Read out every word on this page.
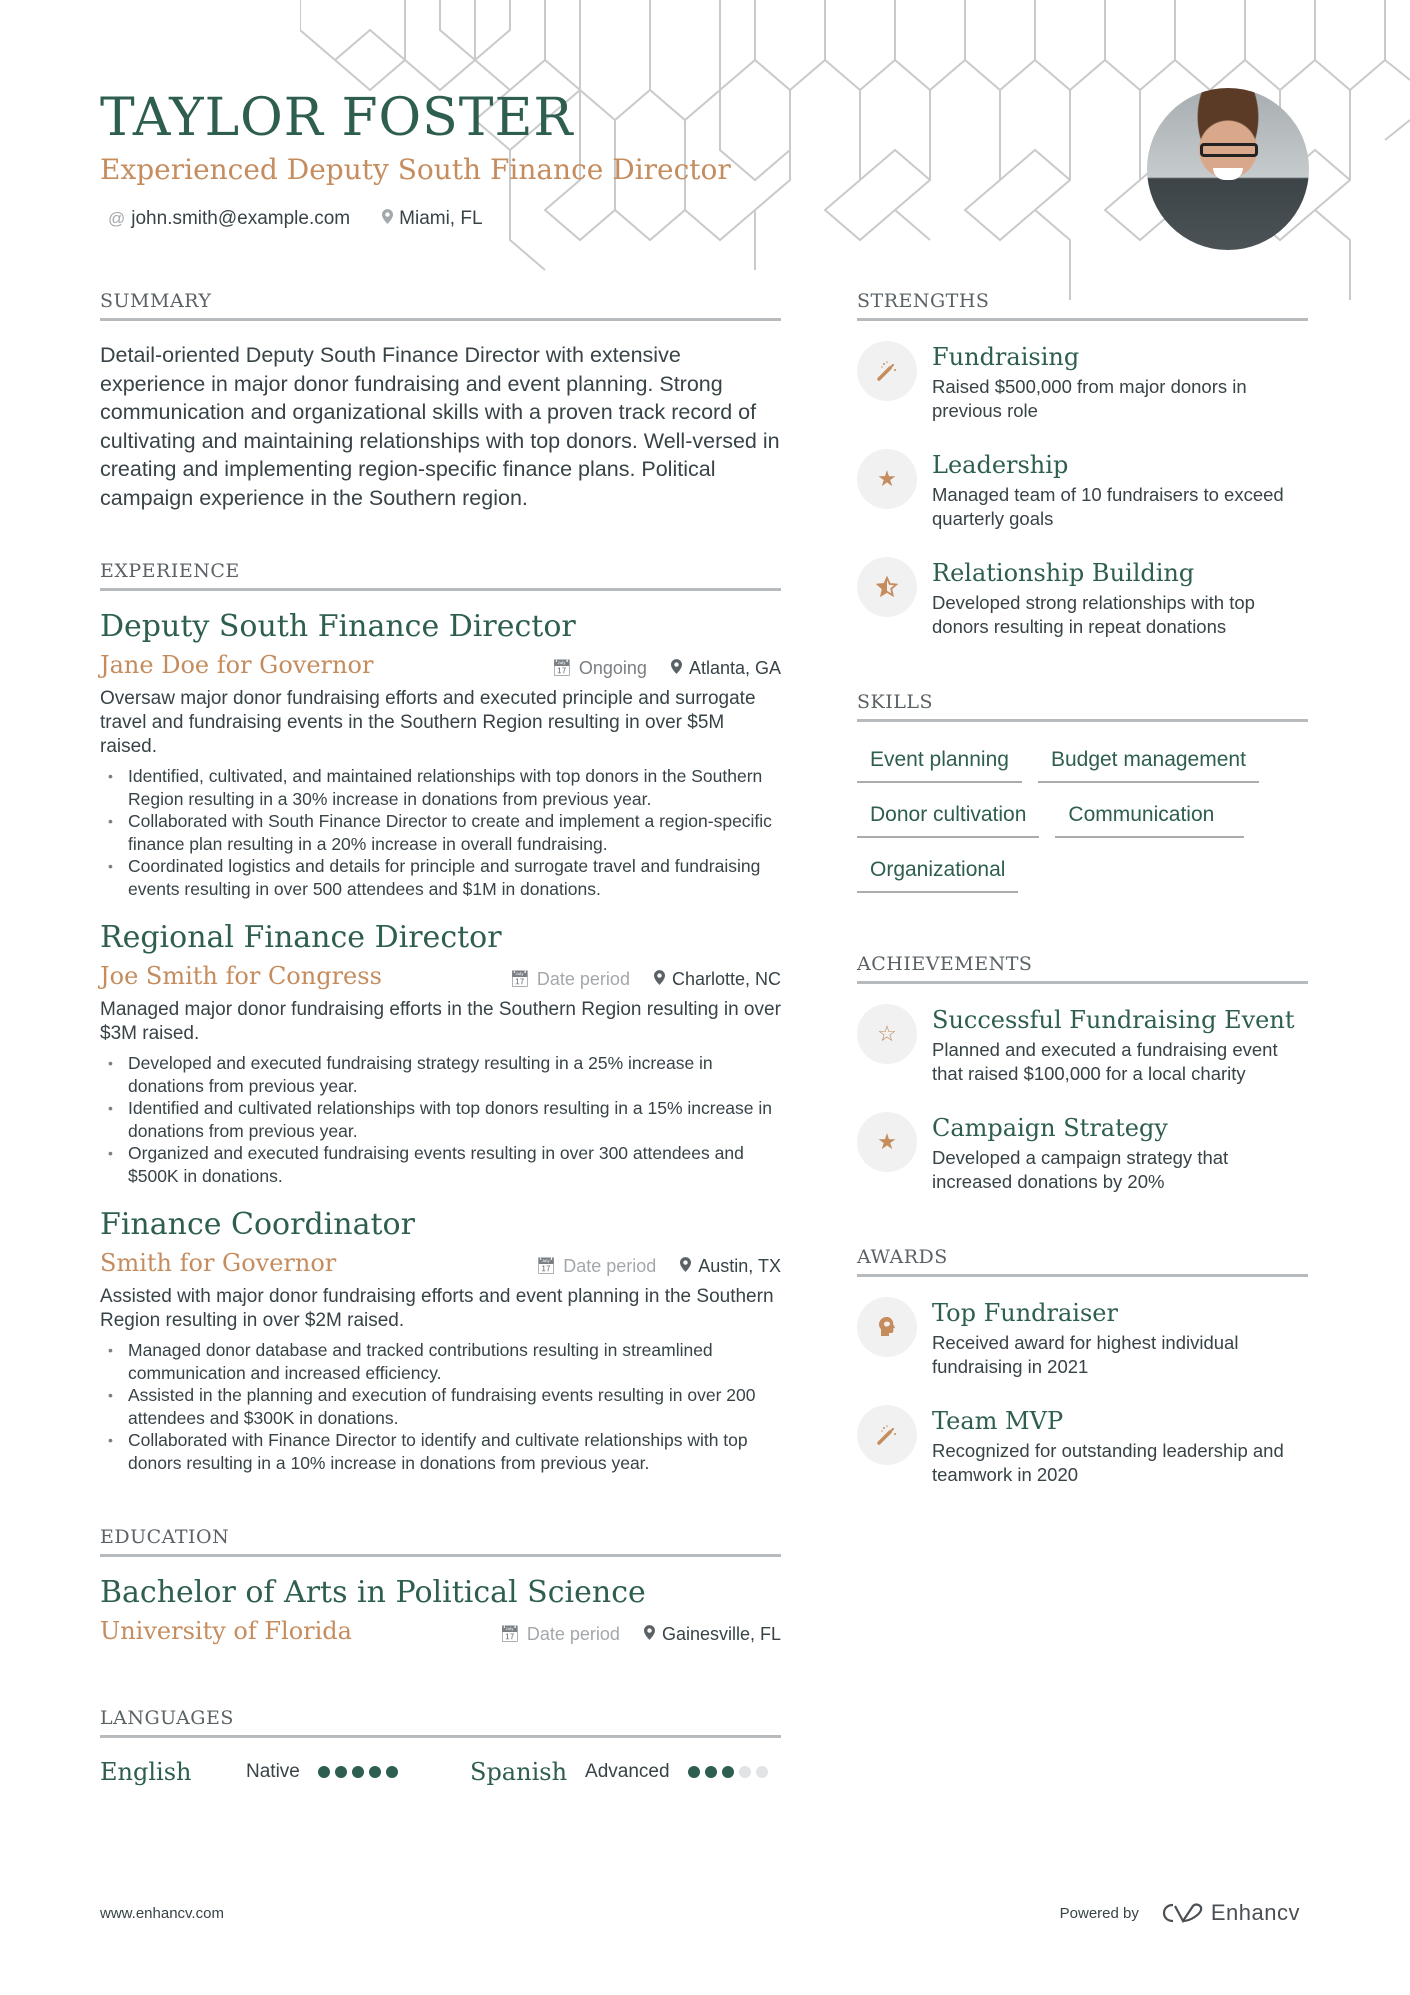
TAYLOR FOSTER
Experienced Deputy South Finance Director
@ john.smith@example.com	Miami, FL
SUMMARY

Detail-oriented Deputy South Finance Director with extensive experience in major donor fundraising and event planning. Strong communication and organizational skills with a proven track record of cultivating and maintaining relationships with top donors. Well-versed in creating and implementing region-specific finance plans. Political campaign experience in the Southern region.

EXPERIENCE
Deputy South Finance Director
Jane Doe for Governor	📅︎ Ongoing Atlanta, GA

Oversaw major donor fundraising efforts and executed principle and surrogate travel and fundraising events in the Southern Region resulting in over $5M raised.

• Identified, cultivated, and maintained relationships with top donors in the Southern Region resulting in a 30% increase in donations from previous year.
• Collaborated with South Finance Director to create and implement a region-specific finance plan resulting in a 20% increase in overall fundraising.
• Coordinated logistics and details for principle and surrogate travel and fundraising events resulting in over 500 attendees and $1M in donations.
Regional Finance Director
Joe Smith for Congress	📅︎ Date period Charlotte, NC

Managed major donor fundraising efforts in the Southern Region resulting in over $3M raised.

• Developed and executed fundraising strategy resulting in a 25% increase in donations from previous year.
• Identified and cultivated relationships with top donors resulting in a 15% increase in donations from previous year.
• Organized and executed fundraising events resulting in over 300 attendees and $500K in donations.
Finance Coordinator
Smith for Governor	📅︎ Date period Austin, TX

Assisted with major donor fundraising efforts and event planning in the Southern Region resulting in over $2M raised.

• Managed donor database and tracked contributions resulting in streamlined communication and increased efficiency.
• Assisted in the planning and execution of fundraising events resulting in over 200 attendees and $300K in donations.
• Collaborated with Finance Director to identify and cultivate relationships with top donors resulting in a 10% increase in donations from previous year.
EDUCATION
Bachelor of Arts in Political Science
University of Florida	📅︎ Date period Gainesville, FL
LANGUAGES
English	Native	Spanish Advanced
STRENGTHS
Fundraising
Raised $500,000 from major donors in previous role
★	Leadership
Managed team of 10 fundraisers to exceed quarterly goals
Relationship Building
Developed strong relationships with top donors resulting in repeat donations
SKILLS
Event planning	Budget management
Donor cultivation	Communication
Organizational
ACHIEVEMENTS
☆	Successful Fundraising Event
Planned and executed a fundraising event that raised $100,000 for a local charity
★	Campaign Strategy
Developed a campaign strategy that increased donations by 20%
AWARDS
Top Fundraiser
Received award for highest individual fundraising in 2021
Team MVP
Recognized for outstanding leadership and teamwork in 2020
www.enhancv.com	Powered by	Enhancv
